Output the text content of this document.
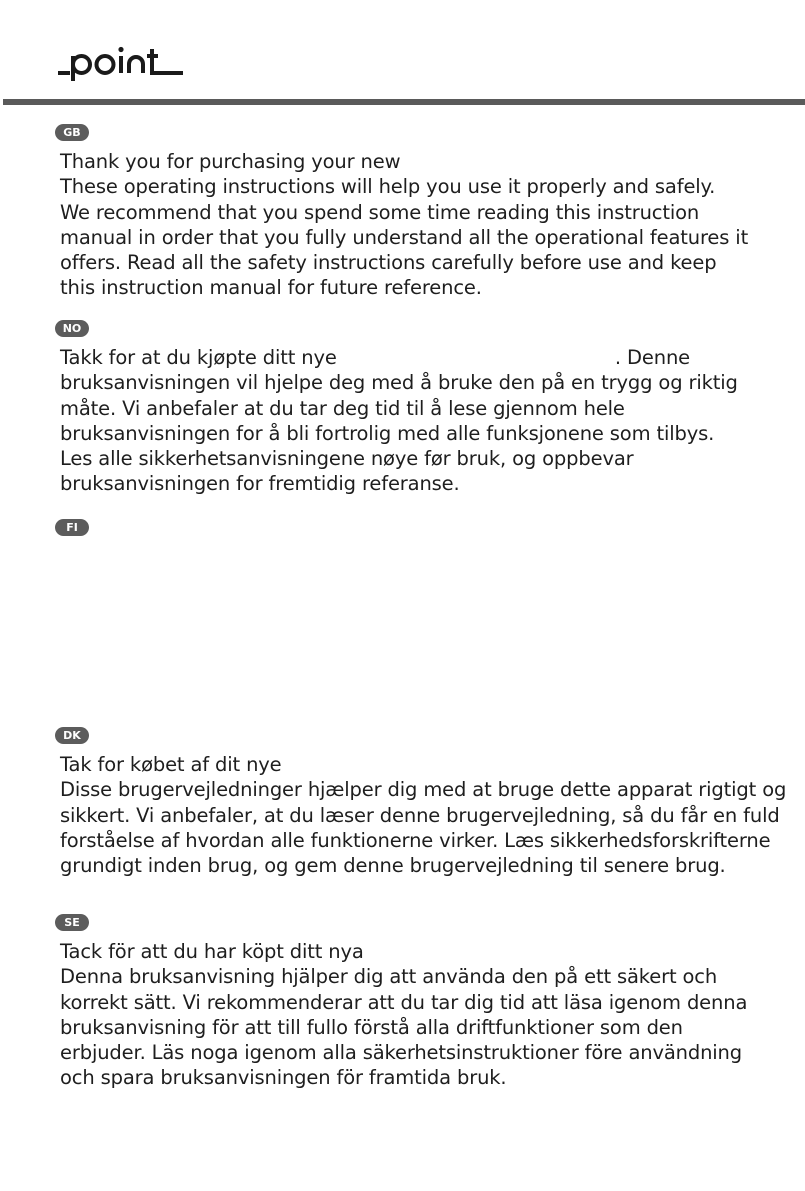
GB
Thank you for purchasing your new
These operating instructions will help you use it properly and safely.
We recommend that you spend some time reading this instruction
manual in order that you fully understand all the operational features it
offers. Read all the safety instructions carefully before use and keep
this instruction manual for future reference.
NO
Takk for at du kjøpte ditt nye                                              . Denne
bruksanvisningen vil hjelpe deg med å bruke den på en trygg og riktig
måte. Vi anbefaler at du tar deg tid til å lese gjennom hele
bruksanvisningen for å bli fortrolig med alle funksjonene som tilbys.
Les alle sikkerhetsanvisningene nøye før bruk, og oppbevar
bruksanvisningen for fremtidig referanse.
FI
DK
Tak for købet af dit nye
Disse brugervejledninger hjælper dig med at bruge dette apparat rigtigt og
sikkert. Vi anbefaler, at du læser denne brugervejledning, så du får en fuld
forståelse af hvordan alle funktionerne virker. Læs sikkerhedsforskrifterne
grundigt inden brug, og gem denne brugervejledning til senere brug.
SE
Tack för att du har köpt ditt nya
Denna bruksanvisning hjälper dig att använda den på ett säkert och
korrekt sätt. Vi rekommenderar att du tar dig tid att läsa igenom denna
bruksanvisning för att till fullo förstå alla driftfunktioner som den
erbjuder. Läs noga igenom alla säkerhetsinstruktioner före användning
och spara bruksanvisningen för framtida bruk.
